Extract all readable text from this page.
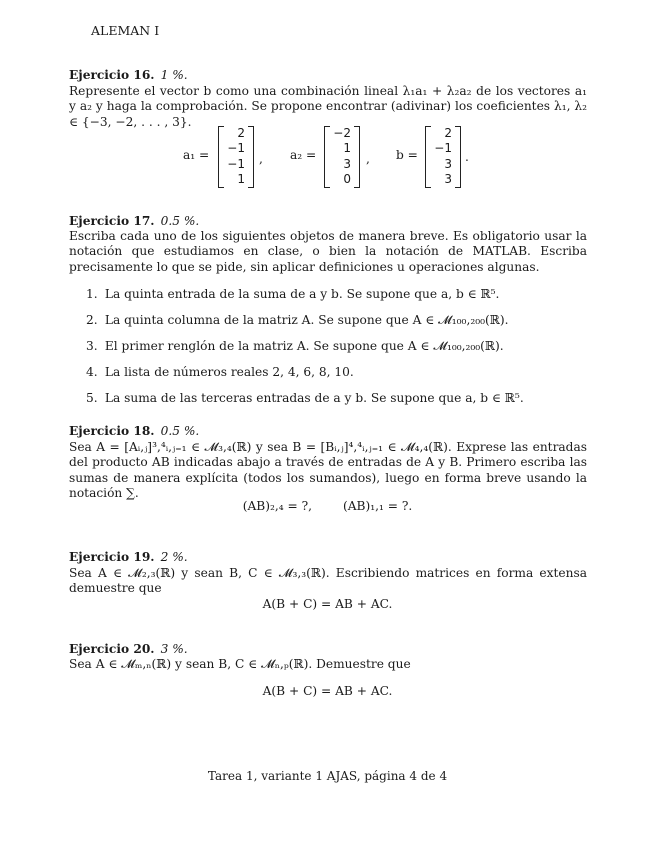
ALEMAN I
Ejercicio 16. 1 %.
Represente el vector b como una combinación lineal λ₁a₁ + λ₂a₂ de los vectores a₁ y a₂ y haga la comprobación. Se propone encontrar (adivinar) los coeficientes λ₁, λ₂ ∈ {−3, −2, . . . , 3}.
a₁ =
2
−1
−1
1
, a₂ =
−2
1
3
0
, b =
2
−1
3
3
.
Ejercicio 17. 0.5 %.
Escriba cada uno de los siguientes objetos de manera breve. Es obligatorio usar la notación que estudiamos en clase, o bien la notación de MATLAB. Escriba precisamente lo que se pide, sin aplicar definiciones u operaciones algunas.
1. La quinta entrada de la suma de a y b. Se supone que a, b ∈ ℝ⁵.
2. La quinta columna de la matriz A. Se supone que A ∈ 𝓜₁₀₀,₂₀₀(ℝ).
3. El primer renglón de la matriz A. Se supone que A ∈ 𝓜₁₀₀,₂₀₀(ℝ).
4. La lista de números reales 2, 4, 6, 8, 10.
5. La suma de las terceras entradas de a y b. Se supone que a, b ∈ ℝ⁵.
Ejercicio 18. 0.5 %.
Sea A = [Aᵢ,ⱼ]³,⁴ᵢ,ⱼ₌₁ ∈ 𝓜₃,₄(ℝ) y sea B = [Bᵢ,ⱼ]⁴,⁴ᵢ,ⱼ₌₁ ∈ 𝓜₄,₄(ℝ). Exprese las entradas del producto AB indicadas abajo a través de entradas de A y B. Primero escriba las sumas de manera explícita (todos los sumandos), luego en forma breve usando la notación ∑.
(AB)₂,₄ = ?,        (AB)₁,₁ = ?.
Ejercicio 19. 2 %.
Sea A ∈ 𝓜₂,₃(ℝ) y sean B, C ∈ 𝓜₃,₃(ℝ). Escribiendo matrices en forma extensa demuestre que
A(B + C) = AB + AC.
Ejercicio 20. 3 %.
Sea A ∈ 𝓜ₘ,ₙ(ℝ) y sean B, C ∈ 𝓜ₙ,ₚ(ℝ). Demuestre que
A(B + C) = AB + AC.
Tarea 1, variante 1 AJAS, página 4 de 4
